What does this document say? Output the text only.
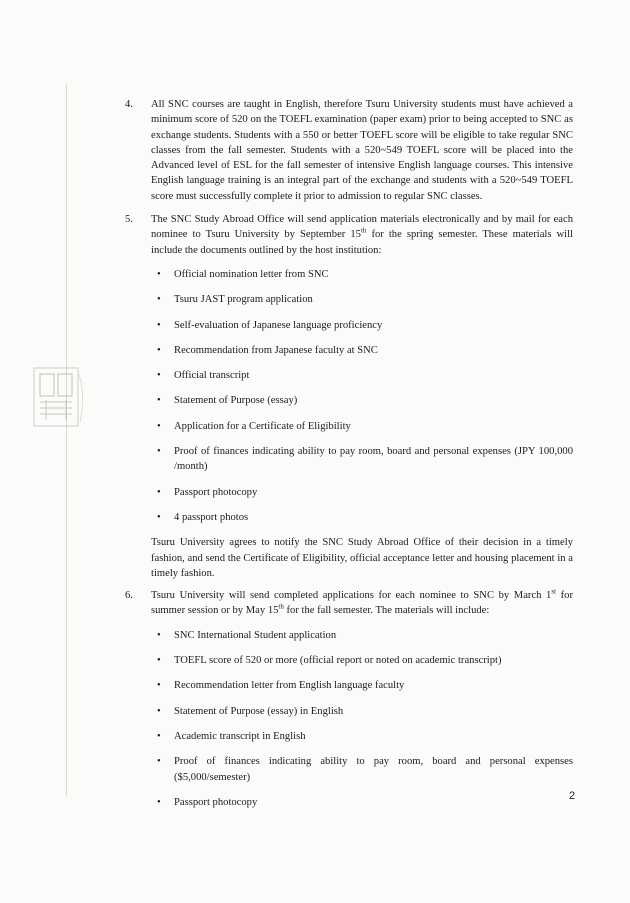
4. All SNC courses are taught in English, therefore Tsuru University students must have achieved a minimum score of 520 on the TOEFL examination (paper exam) prior to being accepted to SNC as exchange students. Students with a 550 or better TOEFL score will be eligible to take regular SNC classes from the fall semester. Students with a 520~549 TOEFL score will be placed into the Advanced level of ESL for the fall semester of intensive English language courses. This intensive English language training is an integral part of the exchange and students with a 520~549 TOEFL score must successfully complete it prior to admission to regular SNC classes.
5. The SNC Study Abroad Office will send application materials electronically and by mail for each nominee to Tsuru University by September 15th for the spring semester. These materials will include the documents outlined by the host institution:
• Official nomination letter from SNC
• Tsuru JAST program application
• Self-evaluation of Japanese language proficiency
• Recommendation from Japanese faculty at SNC
• Official transcript
• Statement of Purpose (essay)
• Application for a Certificate of Eligibility
• Proof of finances indicating ability to pay room, board and personal expenses (JPY 100,000 /month)
• Passport photocopy
• 4 passport photos
Tsuru University agrees to notify the SNC Study Abroad Office of their decision in a timely fashion, and send the Certificate of Eligibility, official acceptance letter and housing placement in a timely fashion.
6. Tsuru University will send completed applications for each nominee to SNC by March 1st for summer session or by May 15th for the fall semester. The materials will include:
• SNC International Student application
• TOEFL score of 520 or more (official report or noted on academic transcript)
• Recommendation letter from English language faculty
• Statement of Purpose (essay) in English
• Academic transcript in English
• Proof of finances indicating ability to pay room, board and personal expenses ($5,000/semester)
• Passport photocopy
2
